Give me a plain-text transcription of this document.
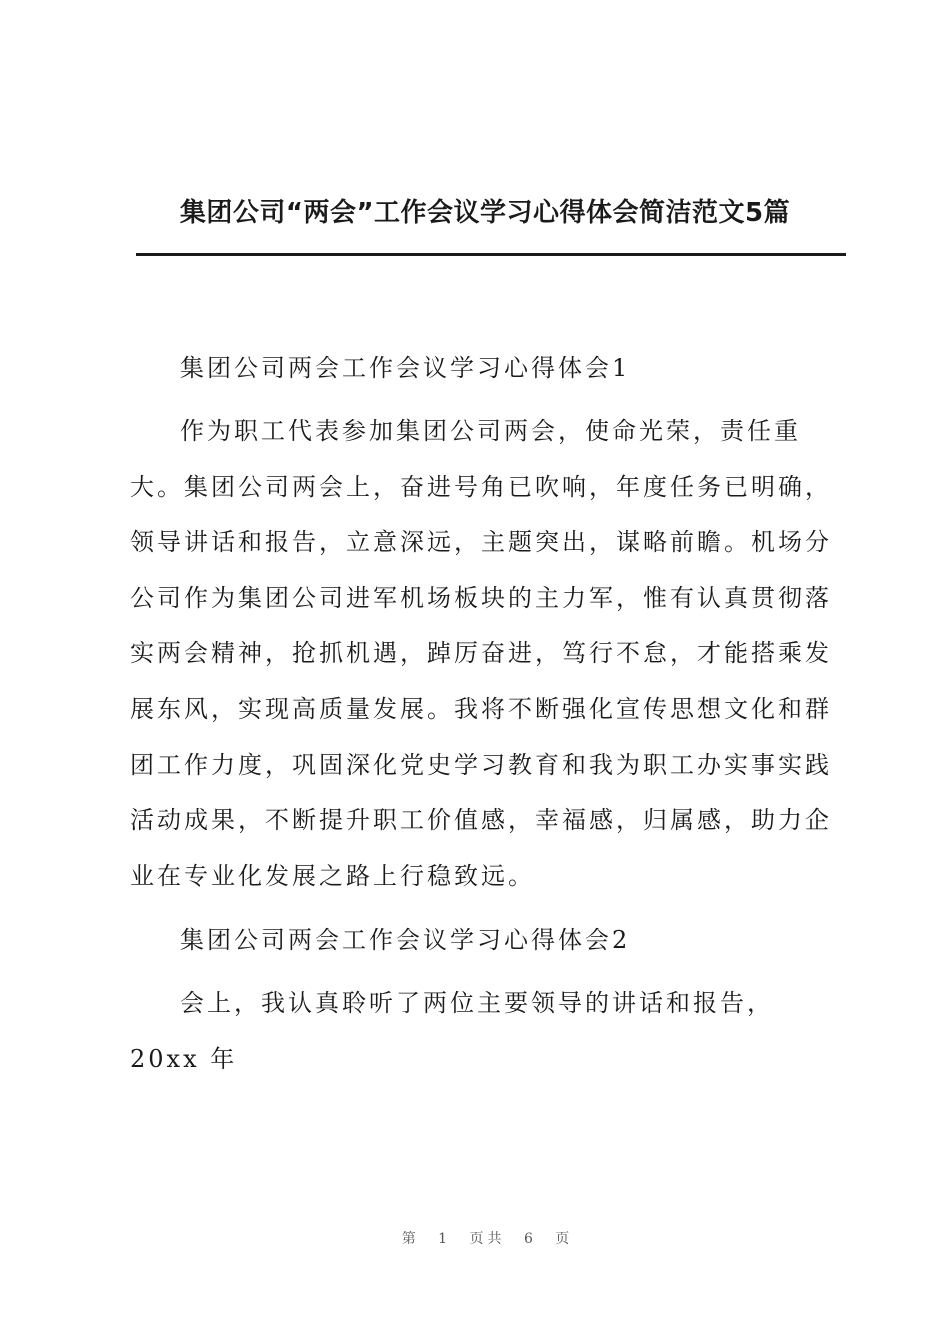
集团公司“两会”工作会议学习心得体会简洁范文5篇

集团公司两会工作会议学习心得体会1

作为职工代表参加集团公司两会，使命光荣，责任重大。集团公司两会上，奋进号角已吹响，年度任务已明确，领导讲话和报告，立意深远，主题突出，谋略前瞻。机场分公司作为集团公司进军机场板块的主力军，惟有认真贯彻落实两会精神，抢抓机遇，踔厉奋进，笃行不怠，才能搭乘发展东风，实现高质量发展。我将不断强化宣传思想文化和群团工作力度，巩固深化党史学习教育和我为职工办实事实践活动成果，不断提升职工价值感，幸福感，归属感，助力企业在专业化发展之路上行稳致远。

集团公司两会工作会议学习心得体会2

会上，我认真聆听了两位主要领导的讲话和报告，20xx 年

第 1 页共 6 页
